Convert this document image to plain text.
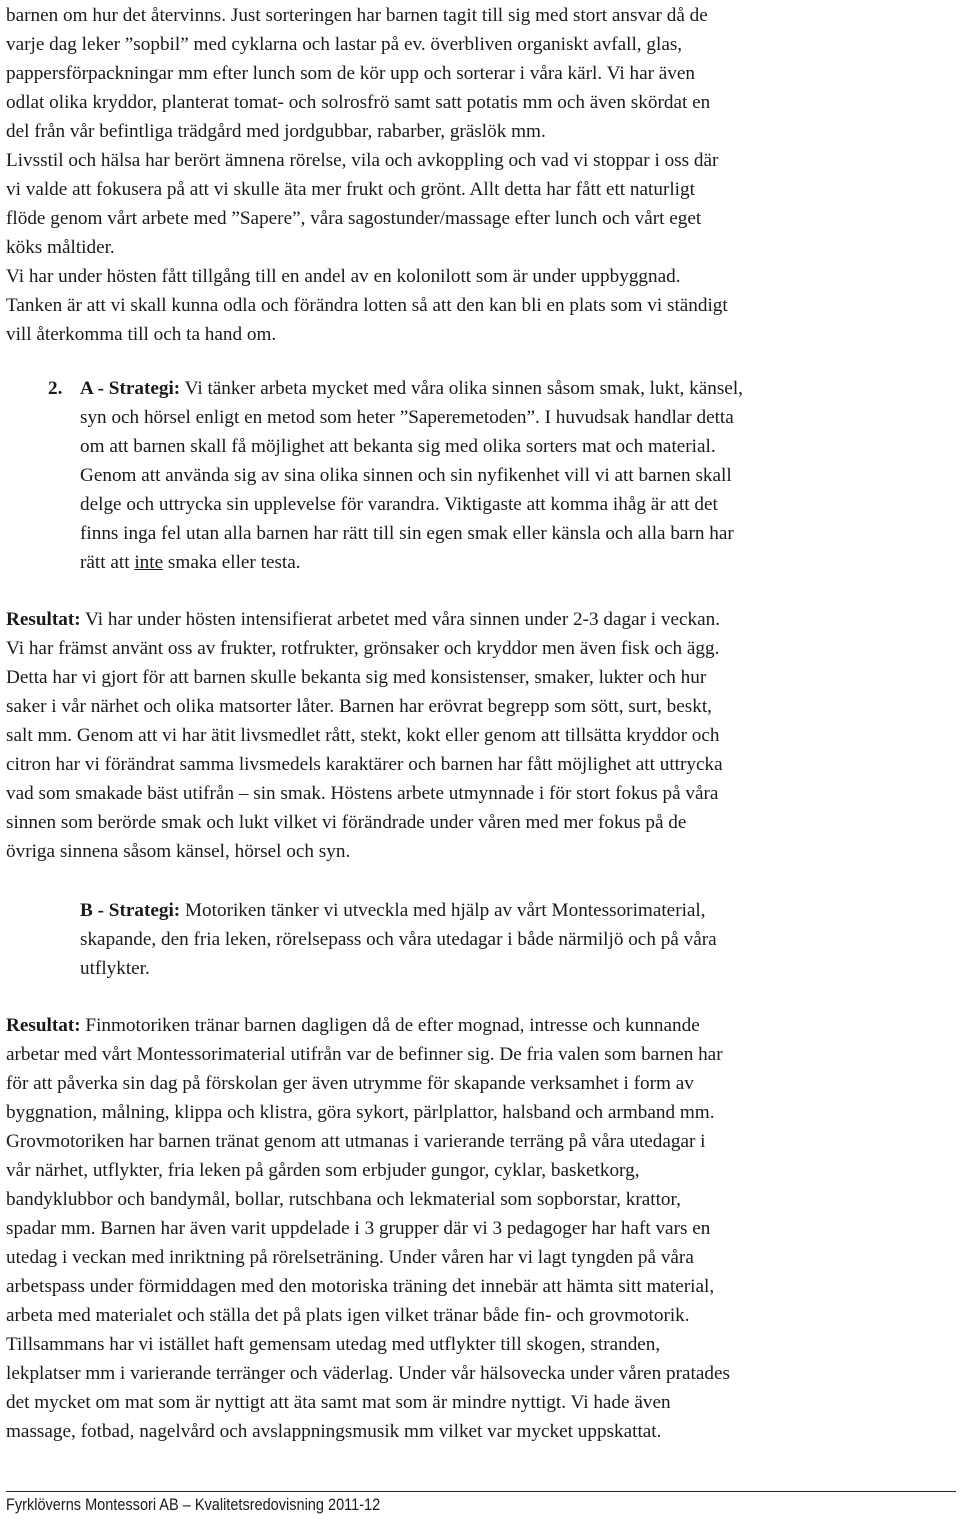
barnen om hur det återvinns. Just sorteringen har barnen tagit till sig med stort ansvar då de

varje dag leker ”sopbil” med cyklarna och lastar på ev. överbliven organiskt avfall, glas,

pappersförpackningar mm efter lunch som de kör upp och sorterar i våra kärl. Vi har även

odlat olika kryddor, planterat tomat- och solrosfrö samt satt potatis mm och även skördat en

del från vår befintliga trädgård med jordgubbar, rabarber, gräslök mm.

Livsstil och hälsa har berört ämnena rörelse, vila och avkoppling och vad vi stoppar i oss där

vi valde att fokusera på att vi skulle äta mer frukt och grönt. Allt detta har fått ett naturligt

flöde genom vårt arbete med ”Sapere”, våra sagostunder/massage efter lunch och vårt eget

köks måltider.

Vi har under hösten fått tillgång till en andel av en kolonilott som är under uppbyggnad.

Tanken är att vi skall kunna odla och förändra lotten så att den kan bli en plats som vi ständigt

vill återkomma till och ta hand om.

2. A - Strategi: Vi tänker arbeta mycket med våra olika sinnen såsom smak, lukt, känsel,

syn och hörsel enligt en metod som heter ”Saperemetoden”. I huvudsak handlar detta

om att barnen skall få möjlighet att bekanta sig med olika sorters mat och material.

Genom att använda sig av sina olika sinnen och sin nyfikenhet vill vi att barnen skall

delge och uttrycka sin upplevelse för varandra. Viktigaste att komma ihåg är att det

finns inga fel utan alla barnen har rätt till sin egen smak eller känsla och alla barn har

rätt att inte smaka eller testa.

Resultat: Vi har under hösten intensifierat arbetet med våra sinnen under 2-3 dagar i veckan.

Vi har främst använt oss av frukter, rotfrukter, grönsaker och kryddor men även fisk och ägg.

Detta har vi gjort för att barnen skulle bekanta sig med konsistenser, smaker, lukter och hur

saker i vår närhet och olika matsorter låter. Barnen har erövrat begrepp som sött, surt, beskt,

salt mm. Genom att vi har ätit livsmedlet rått, stekt, kokt eller genom att tillsätta kryddor och

citron har vi förändrat samma livsmedels karaktärer och barnen har fått möjlighet att uttrycka

vad som smakade bäst utifrån – sin smak. Höstens arbete utmynnade i för stort fokus på våra

sinnen som berörde smak och lukt vilket vi förändrade under våren med mer fokus på de

övriga sinnena såsom känsel, hörsel och syn.

B - Strategi: Motoriken tänker vi utveckla med hjälp av vårt Montessorimaterial,

skapande, den fria leken, rörelsepass och våra utedagar i både närmiljö och på våra

utflykter.

Resultat: Finmotoriken tränar barnen dagligen då de efter mognad, intresse och kunnande

arbetar med vårt Montessorimaterial utifrån var de befinner sig. De fria valen som barnen har

för att påverka sin dag på förskolan ger även utrymme för skapande verksamhet i form av

byggnation, målning, klippa och klistra, göra sykort, pärlplattor, halsband och armband mm.

Grovmotoriken har barnen tränat genom att utmanas i varierande terräng på våra utedagar i

vår närhet, utflykter, fria leken på gården som erbjuder gungor, cyklar, basketkorg,

bandyklubbor och bandymål, bollar, rutschbana och lekmaterial som sopborstar, krattor,

spadar mm. Barnen har även varit uppdelade i 3 grupper där vi 3 pedagoger har haft vars en

utedag i veckan med inriktning på rörelseträning. Under våren har vi lagt tyngden på våra

arbetspass under förmiddagen med den motoriska träning det innebär att hämta sitt material,

arbeta med materialet och ställa det på plats igen vilket tränar både fin- och grovmotorik.

Tillsammans har vi istället haft gemensam utedag med utflykter till skogen, stranden,

lekplatser mm i varierande terränger och väderlag. Under vår hälsovecka under våren pratades

det mycket om mat som är nyttigt att äta samt mat som är mindre nyttigt. Vi hade även

massage, fotbad, nagelvård och avslappningsmusik mm vilket var mycket uppskattat.

Fyrklöverns Montessori AB – Kvalitetsredovisning 2011-12
